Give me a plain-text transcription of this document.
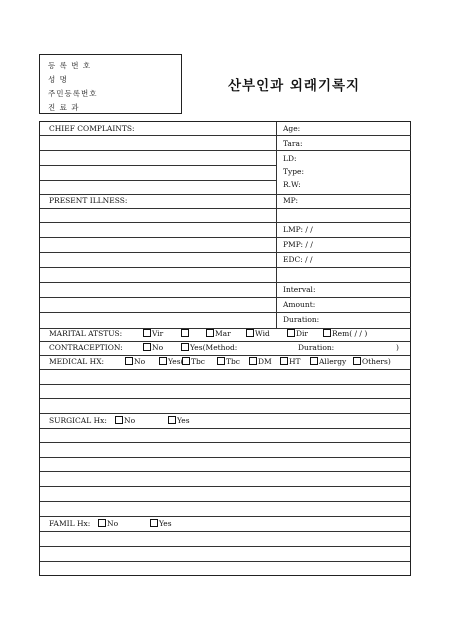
등 록 번 호
성 명
주민등록번호
진 료 과
산부인과 외래기록지
CHIEF COMPLAINTS:
PRESENT ILLNESS:
Age:
Tara:
LD:
Type:
R.W:
MP:
LMP: / /
PMP: / /
EDC: / /
Interval:
Amount:
Duration:
MARITAL ATSTUS:	Vir	Mar	Wid	Dir	Rem( / / )
CONTRACEPTION:	No	Yes(Method:	Duration:	)
MEDICAL HX:	No	Yes( Tbc	Tbc	DM	HT	Allergy	Others)
SURGICAL Hx:	No	Yes
FAMIL Hx:	No	Yes
